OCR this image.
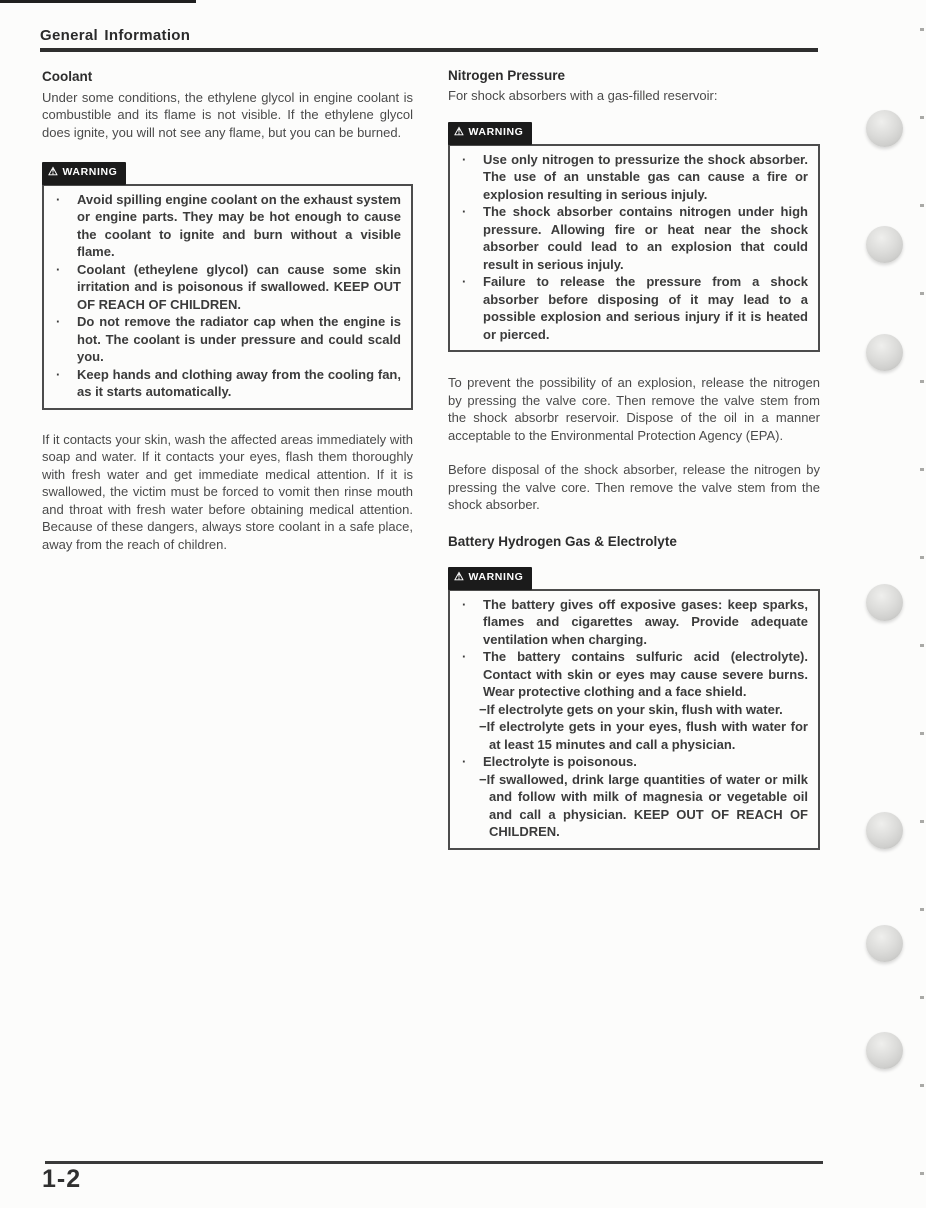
General Information
Coolant

Under some conditions, the ethylene glycol in engine coolant is combustible and its flame is not visible. If the ethylene glycol does ignite, you will not see any flame, but you can be burned.

⚠ WARNING
·	Avoid spilling engine coolant on the exhaust system or engine parts. They may be hot enough to cause the coolant to ignite and burn without a visible flame.
·	Coolant (etheylene glycol) can cause some skin irritation and is poisonous if swallowed. KEEP OUT OF REACH OF CHILDREN.
·	Do not remove the radiator cap when the engine is hot. The coolant is under pressure and could scald you.
·	Keep hands and clothing away from the cooling fan, as it starts automatically.

If it contacts your skin, wash the affected areas immediately with soap and water. If it contacts your eyes, flash them thoroughly with fresh water and get immediate medical attention. If it is swallowed, the victim must be forced to vomit then rinse mouth and throat with fresh water before obtaining medical attention. Because of these dangers, always store coolant in a safe place, away from the reach of children.

Nitrogen Pressure

For shock absorbers with a gas-filled reservoir:

⚠ WARNING
·	Use only nitrogen to pressurize the shock absorber. The use of an unstable gas can cause a fire or explosion resulting in serious injuly.
·	The shock absorber contains nitrogen under high pressure. Allowing fire or heat near the shock absorber could lead to an explosion that could result in serious injuly.
·	Failure to release the pressure from a shock absorber before disposing of it may lead to a possible explosion and serious injury if it is heated or pierced.

To prevent the possibility of an explosion, release the nitrogen by pressing the valve core. Then remove the valve stem from the shock absorbr reservoir. Dispose of the oil in a manner acceptable to the Environmental Protection Agency (EPA).

Before disposal of the shock absorber, release the nitrogen by pressing the valve core. Then remove the valve stem from the shock absorber.

Battery Hydrogen Gas & Electrolyte
⚠ WARNING
·	The battery gives off exposive gases: keep sparks, flames and cigarettes away. Provide adequate ventilation when charging.
·	The battery contains sulfuric acid (electrolyte). Contact with skin or eyes may cause severe burns. Wear protective clothing and a face shield.
−If electrolyte gets on your skin, flush with water.
−If electrolyte gets in your eyes, flush with water for at least 15 minutes and call a physician.
·	Electrolyte is poisonous.
−If swallowed, drink large quantities of water or milk and follow with milk of magnesia or vegetable oil and call a physician. KEEP OUT OF REACH OF CHILDREN.
1-2
